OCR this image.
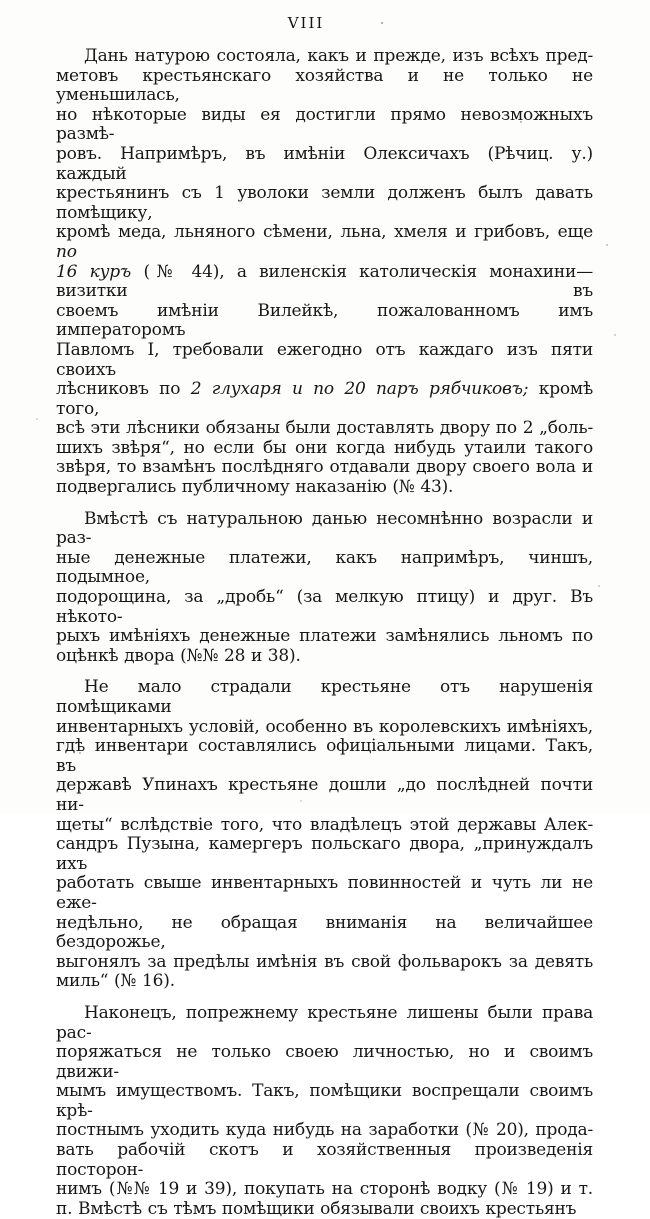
VIII
Дань натурою состояла, какъ и прежде, изъ всѣхъ пред-
метовъ крестьянскаго хозяйства и не только не уменьшилась,
но нѣкоторые виды ея достигли прямо невозможныхъ размѣ-
ровъ. Напримѣръ, въ имѣніи Олексичахъ (Рѣчиц. у.) каждый
крестьянинъ съ 1 уволоки земли долженъ былъ давать помѣщику,
кромѣ меда, льняного сѣмени, льна, хмеля и грибовъ, еще по
16 куръ (№ 44), а виленскія католическія монахини—визитки въ
своемъ имѣніи Вилейкѣ, пожалованномъ имъ императоромъ
Павломъ I, требовали ежегодно отъ каждаго изъ пяти своихъ
лѣсниковъ по 2 глухаря и по 20 паръ рябчиковъ; кромѣ того,
всѣ эти лѣсники обязаны были доставлять двору по 2 „боль-
шихъ звѣря“, но если бы они когда нибудь утаили такого
звѣря, то взамѣнъ послѣдняго отдавали двору своего вола и
подвергались публичному наказанію (№ 43).
Вмѣстѣ съ натуральною данью несомнѣнно возрасли и раз-
ные денежные платежи, какъ напримѣръ, чиншъ, подымное,
подорощина, за „дробь“ (за мелкую птицу) и друг. Въ нѣкото-
рыхъ имѣніяхъ денежные платежи замѣнялись льномъ по
оцѣнкѣ двора (№№ 28 и 38).
Не мало страдали крестьяне отъ нарушенія помѣщиками
инвентарныхъ условій, особенно въ королевскихъ имѣніяхъ,
гдѣ инвентари составлялись офиціальными лицами. Такъ, въ
державѣ Упинахъ крестьяне дошли „до послѣдней почти ни-
щеты“ вслѣдствіе того, что владѣлецъ этой державы Алек-
сандръ Пузына, камергеръ польскаго двора, „принуждалъ ихъ
работать свыше инвентарныхъ повинностей и чуть ли не еже-
недѣльно, не обращая вниманія на величайшее бездорожье,
выгонялъ за предѣлы имѣнія въ свой фольварокъ за девять
миль“ (№ 16).
Наконецъ, попрежнему крестьяне лишены были права рас-
поряжаться не только своею личностью, но и своимъ движи-
мымъ имуществомъ. Такъ, помѣщики воспрещали своимъ крѣ-
постнымъ уходить куда нибудь на заработки (№ 20), прода-
вать рабочій скотъ и хозяйственныя произведенія посторон-
нимъ (№№ 19 и 39), покупать на сторонѣ водку (№ 19) и т.
п. Вмѣстѣ съ тѣмъ помѣщики обязывали своихъ крестьянъ
